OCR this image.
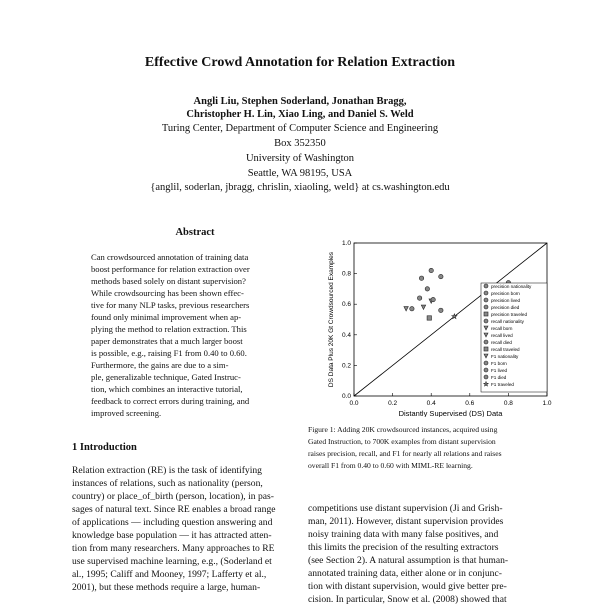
Effective Crowd Annotation for Relation Extraction
Angli Liu, Stephen Soderland, Jonathan Bragg,
Christopher H. Lin, Xiao Ling, and Daniel S. Weld
Turing Center, Department of Computer Science and Engineering
Box 352350
University of Washington
Seattle, WA 98195, USA
{anglil, soderlan, jbragg, chrislin, xiaoling, weld} at cs.washington.edu
Abstract
Can crowdsourced annotation of training data
boost performance for relation extraction over
methods based solely on distant supervision?
While crowdsourcing has been shown effec-
tive for many NLP tasks, previous researchers
found only minimal improvement when ap-
plying the method to relation extraction. This
paper demonstrates that a much larger boost
is possible, e.g., raising F1 from 0.40 to 0.60.
Furthermore, the gains are due to a sim-
ple, generalizable technique, Gated Instruc-
tion, which combines an interactive tutorial,
feedback to correct errors during training, and
improved screening.
1 Introduction
Relation extraction (RE) is the task of identifying
instances of relations, such as nationality (person,
country) or place_of_birth (person, location), in pas-
sages of natural text. Since RE enables a broad range
of applications — including question answering and
knowledge base population — it has attracted atten-
tion from many researchers. Many approaches to RE
use supervised machine learning, e.g., (Soderland et
al., 1995; Califf and Mooney, 1997; Lafferty et al.,
2001), but these methods require a large, human-
0.0	0.2	0.4	0.6	0.8	1.0
0.0
0.2
0.4
0.6
0.8
1.0
Distantly Supervised (DS) Data
DS Data Plus 20K Gt Crowdsourced Examples	precision nationality
precision born
precision lived
precision died
precision traveled
recall nationality
recall born
recall lived
recall died
recall traveled
F1 nationality
F1 born
F1 lived
F1 died
F1 traveled
Figure 1: Adding 20K crowdsourced instances, acquired using
Gated Instruction, to 700K examples from distant supervision
raises precision, recall, and F1 for nearly all relations and raises
overall F1 from 0.40 to 0.60 with MIML-RE learning.
competitions use distant supervision (Ji and Grish-
man, 2011). However, distant supervision provides
noisy training data with many false positives, and
this limits the precision of the resulting extractors
(see Section 2). A natural assumption is that human-
annotated training data, either alone or in conjunc-
tion with distant supervision, would give better pre-
cision. In particular, Snow et al. (2008) showed that
